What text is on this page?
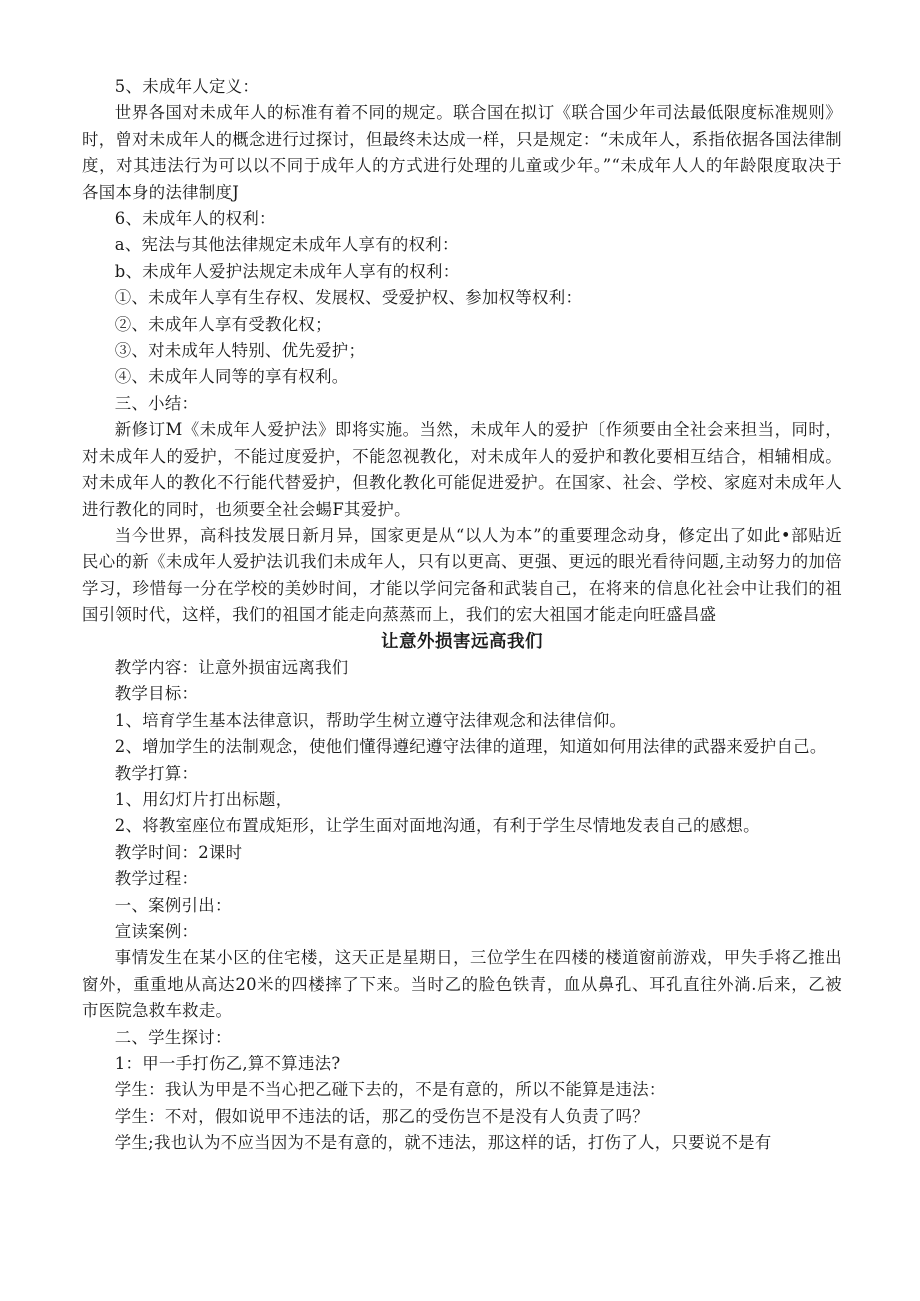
5、未成年人定义：

世界各国对未成年人的标准有着不同的规定。联合国在拟订《联合国少年司法最低限度标准规则》时，曾对未成年人的概念进行过探讨，但最终未达成一样，只是规定：“未成年人，系指依据各国法律制度，对其违法行为可以以不同于成年人的方式进行处理的儿童或少年。”“未成年人人的年龄限度取决于各国本身的法律制度J

6、未成年人的权利：

a、宪法与其他法律规定未成年人享有的权利：

b、未成年人爱护法规定未成年人享有的权利：

①、未成年人享有生存权、发展权、受爱护权、参加权等权利：

②、未成年人享有受教化权；

③、对未成年人特别、优先爱护；

④、未成年人同等的享有权利。

三、小结：

新修订M《未成年人爱护法》即将实施。当然，未成年人的爱护〔作须要由全社会来担当，同时，对未成年人的爱护，不能过度爱护，不能忽视教化，对未成年人的爱护和教化要相互结合，相辅相成。对未成年人的教化不行能代替爱护，但教化教化可能促进爱护。在国家、社会、学校、家庭对未成年人进行教化的同时，也须要全社会蝪F其爱护。

当今世界，高科技发展日新月异，国家更是从“以人为本”的重要理念动身，修定出了如此•部贴近民心的新《未成年人爱护法讥我们未成年人，只有以更高、更强、更远的眼光看待问题,主动努力的加倍学习，珍惜每一分在学校的美妙时间，才能以学问完备和武装自己，在将来的信息化社会中让我们的祖国引领时代，这样，我们的祖国才能走向蒸蒸而上，我们的宏大祖国才能走向旺盛昌盛

让意外损害远高我们

教学内容：让意外损宙远离我们

教学目标：

1、培育学生基本法律意识，帮助学生树立遵守法律观念和法律信仰。

2、增加学生的法制观念，使他们懂得遵纪遵守法律的道理，知道如何用法律的武器来爱护自己。

教学打算：

1、用幻灯片打出标题，

2、将教室座位布置成矩形，让学生面对面地沟通，有利于学生尽情地发表自己的感想。

教学时间：2课时

教学过程：

一、案例引出：

宣读案例：

事情发生在某小区的住宅楼，这天正是星期日，三位学生在四楼的楼道窗前游戏，甲失手将乙推出窗外，重重地从高达20米的四楼摔了下来。当时乙的脸色铁青，血从鼻孔、耳孔直往外淌.后来，乙被市医院急救车救走。

二、学生探讨：

1：甲一手打伤乙,算不算违法?

学生：我认为甲是不当心把乙碰下去的，不是有意的，所以不能算是违法：

学生：不对，假如说甲不违法的话，那乙的受伤岂不是没有人负责了吗？

学生;我也认为不应当因为不是有意的，就不违法，那这样的话，打伤了人，只要说不是有
